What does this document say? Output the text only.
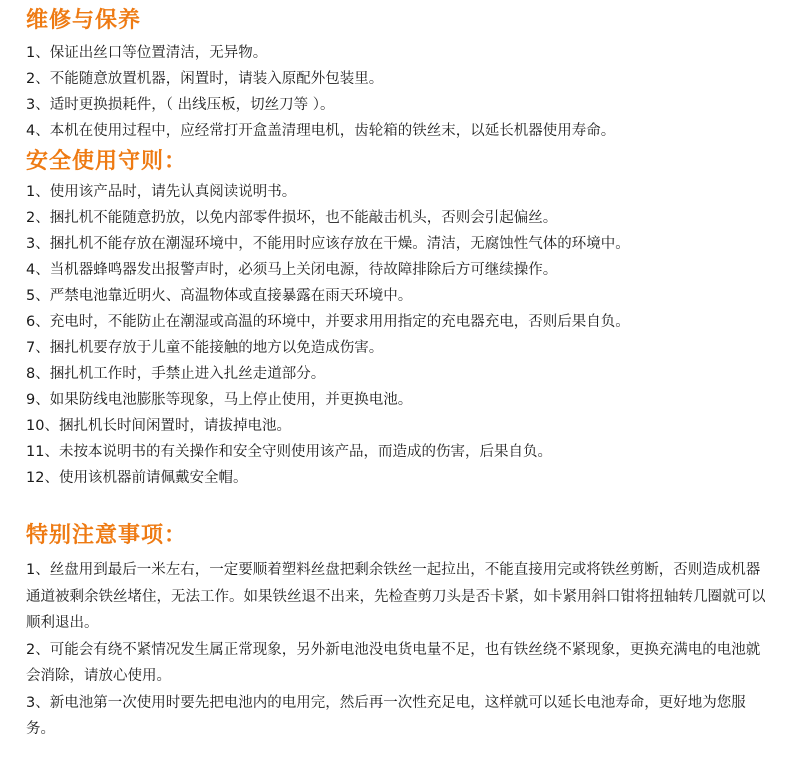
维修与保养

1、保证出丝口等位置清洁，无异物。

2、不能随意放置机器，闲置时，请装入原配外包装里。

3、适时更换损耗件，（ 出线压板，切丝刀等 ）。

4、本机在使用过程中，应经常打开盒盖清理电机，齿轮箱的铁丝末，以延长机器使用寿命。

安全使用守则：

1、使用该产品时，请先认真阅读说明书。

2、捆扎机不能随意扔放，以免内部零件损坏，也不能敲击机头，否则会引起偏丝。

3、捆扎机不能存放在潮湿环境中，不能用时应该存放在干燥。清洁，无腐蚀性气体的环境中。

4、当机器蜂鸣器发出报警声时，必须马上关闭电源，待故障排除后方可继续操作。

5、严禁电池靠近明火、高温物体或直接暴露在雨天环境中。

6、充电时，不能防止在潮湿或高温的环境中，并要求用用指定的充电器充电，否则后果自负。

7、捆扎机要存放于儿童不能接触的地方以免造成伤害。

8、捆扎机工作时，手禁止进入扎丝走道部分。

9、如果防线电池膨胀等现象，马上停止使用，并更换电池。

10、捆扎机长时间闲置时，请拔掉电池。

11、未按本说明书的有关操作和安全守则使用该产品，而造成的伤害，后果自负。

12、使用该机器前请佩戴安全帽。

特别注意事项：

1、丝盘用到最后一米左右，一定要顺着塑料丝盘把剩余铁丝一起拉出，不能直接用完或将铁丝剪断，否则造成机器通道被剩余铁丝堵住，无法工作。如果铁丝退不出来，先检查剪刀头是否卡紧，如卡紧用斜口钳将扭轴转几圈就可以顺利退出。

2、可能会有绕不紧情况发生属正常现象，另外新电池没电货电量不足，也有铁丝绕不紧现象，更换充满电的电池就会消除，请放心使用。

3、新电池第一次使用时要先把电池内的电用完，然后再一次性充足电，这样就可以延长电池寿命，更好地为您服务。
